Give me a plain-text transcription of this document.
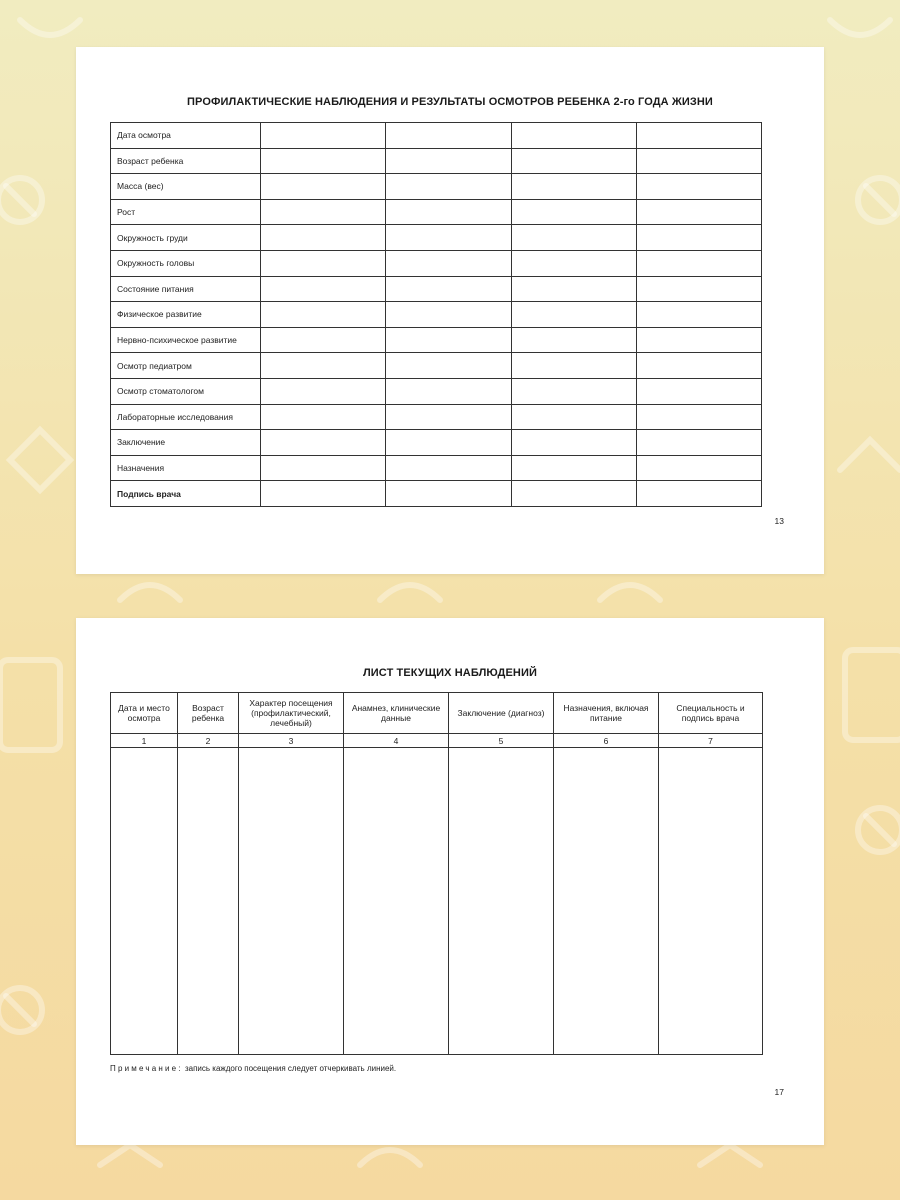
ПРОФИЛАКТИЧЕСКИЕ НАБЛЮДЕНИЯ И РЕЗУЛЬТАТЫ ОСМОТРОВ РЕБЕНКА 2-го ГОДА ЖИЗНИ
Дата осмотра				
Возраст ребенка				
Масса (вес)				
Рост				
Окружность груди				
Окружность головы				
Состояние питания				
Физическое развитие				
Нервно-психическое развитие				
Осмотр педиатром				
Осмотр стоматологом				
Лабораторные исследования				
Заключение				
Назначения				
Подпись врача				
13
ЛИСТ ТЕКУЩИХ НАБЛЮДЕНИЙ
Дата и место осмотра	Возраст ребенка	Характер посещения (профилактический, лечебный)	Анамнез, клинические данные	Заключение (диагноз)	Назначения, включая питание	Специальность и подпись врача
1	2	3	4	5	6	7

Примечание: запись каждого посещения следует отчеркивать линией.
17
